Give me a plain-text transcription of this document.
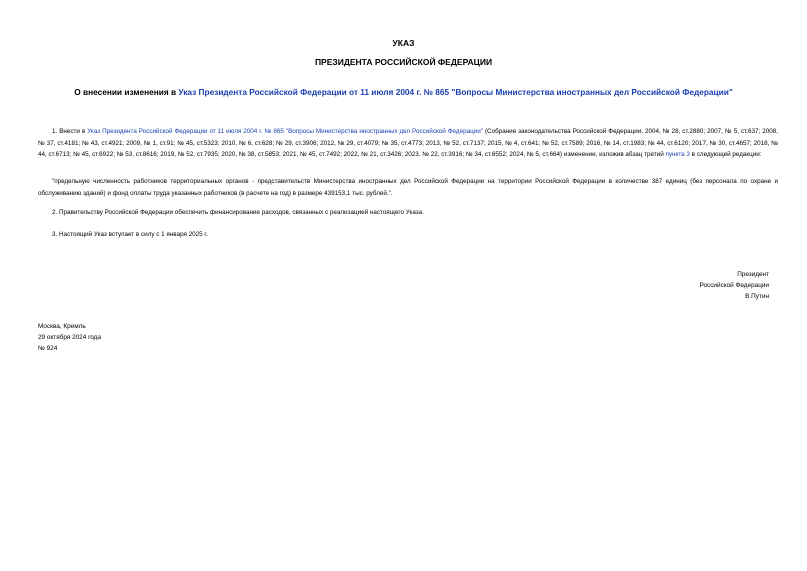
УКАЗ
ПРЕЗИДЕНТА РОССИЙСКОЙ ФЕДЕРАЦИИ
О внесении изменения в Указ Президента Российской Федерации от 11 июля 2004 г. № 865 "Вопросы Министерства иностранных дел Российской Федерации"
1. Внести в Указ Президента Российской Федерации от 11 июля 2004 г. № 865 "Вопросы Министерства иностранных дел Российской Федерации" (Собрание законодательства Российской Федерации, 2004, № 28, ст.2880; 2007, № 5, ст.637; 2008, № 37, ст.4181; № 43, ст.4921; 2009, № 1, ст.91; № 45, ст.5323; 2010, № 6, ст.628; № 29, ст.3906; 2012, № 29, ст.4079; № 35, ст.4773; 2013, № 52, ст.7137; 2015, № 4, ст.641; № 52, ст.7589; 2016, № 14, ст.1983; № 44, ст.6120; 2017, № 30, ст.4657; 2018, № 44, ст.6713; № 45, ст.6922; № 53, ст.8616; 2019, № 52, ст.7935; 2020, № 38, ст.5853; 2021, № 45, ст.7492; 2022, № 21, ст.3426; 2023, № 22, ст.3916; № 34, ст.6552; 2024, № 5, ст.664) изменение, изложив абзац третий пункта 3 в следующей редакции:
"предельную численность работников территориальных органов - представительств Министерства иностранных дел Российской Федерации на территории Российской Федерации в количестве 387 единиц (без персонала по охране и обслуживанию зданий) и фонд оплаты труда указанных работников (в расчете на год) в размере 439153,1 тыс. рублей.".
2. Правительству Российской Федерации обеспечить финансирование расходов, связанных с реализацией настоящего Указа.
3. Настоящий Указ вступает в силу с 1 января 2025 г.
Президент
Российской Федерации
В.Путин
Москва, Кремль
29 октября 2024 года
№ 924
